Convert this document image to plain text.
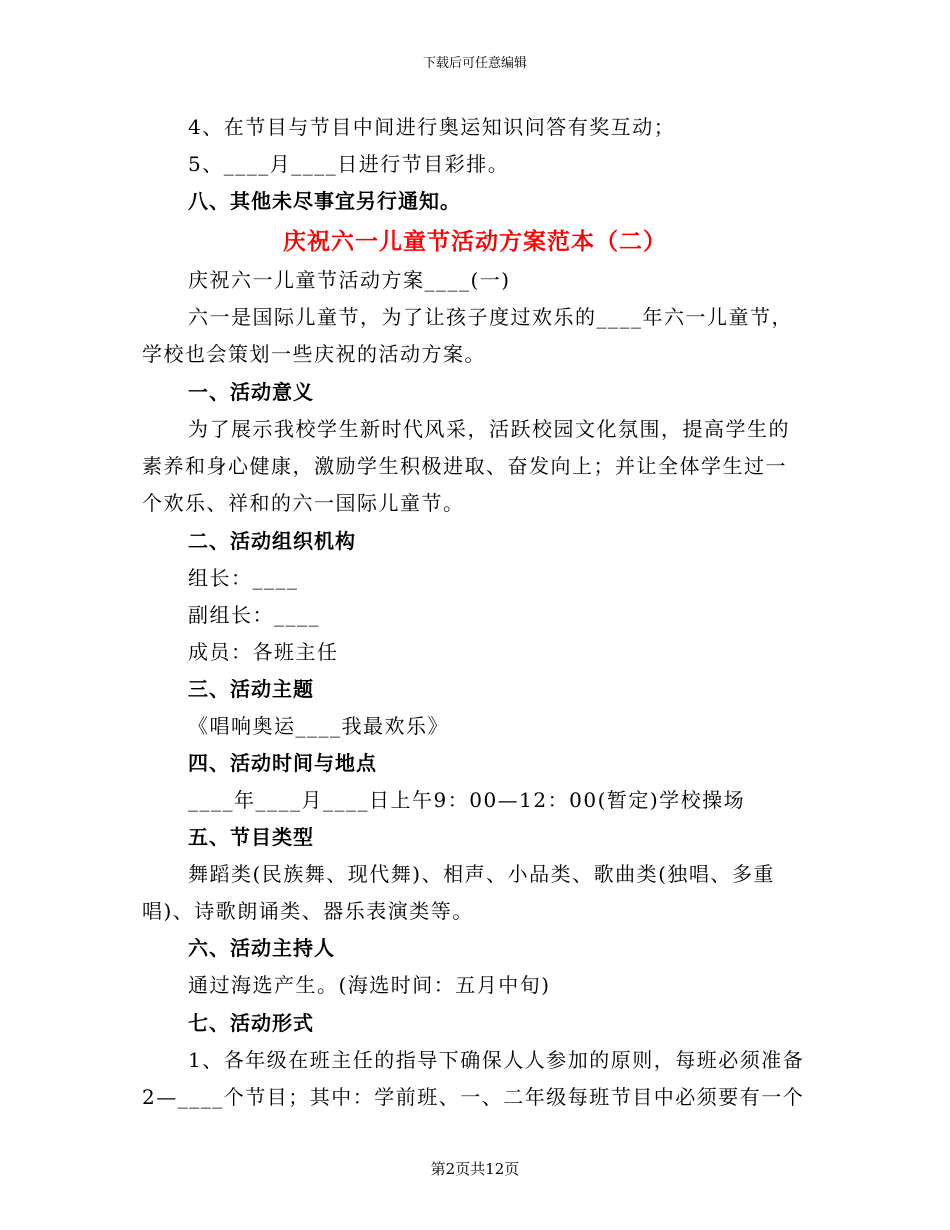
下载后可任意编辑
4、在节目与节目中间进行奥运知识问答有奖互动；
5、____月____日进行节目彩排。
八、其他未尽事宜另行通知。
庆祝六一儿童节活动方案范本（二）
庆祝六一儿童节活动方案____(一)
六一是国际儿童节，为了让孩子度过欢乐的____年六一儿童节，
学校也会策划一些庆祝的活动方案。
一、活动意义
为了展示我校学生新时代风采，活跃校园文化氛围，提高学生的
素养和身心健康，激励学生积极进取、奋发向上；并让全体学生过一
个欢乐、祥和的六一国际儿童节。
二、活动组织机构
组长：____
副组长：____
成员：各班主任
三、活动主题
《唱响奥运____我最欢乐》
四、活动时间与地点
____年____月____日上午9：00—12：00(暂定)学校操场
五、节目类型
舞蹈类(民族舞、现代舞)、相声、小品类、歌曲类(独唱、多重
唱)、诗歌朗诵类、器乐表演类等。
六、活动主持人
通过海选产生。(海选时间：五月中旬)
七、活动形式
1、各年级在班主任的指导下确保人人参加的原则，每班必须准备
2—____个节目；其中：学前班、一、二年级每班节目中必须要有一个
第2页共12页
